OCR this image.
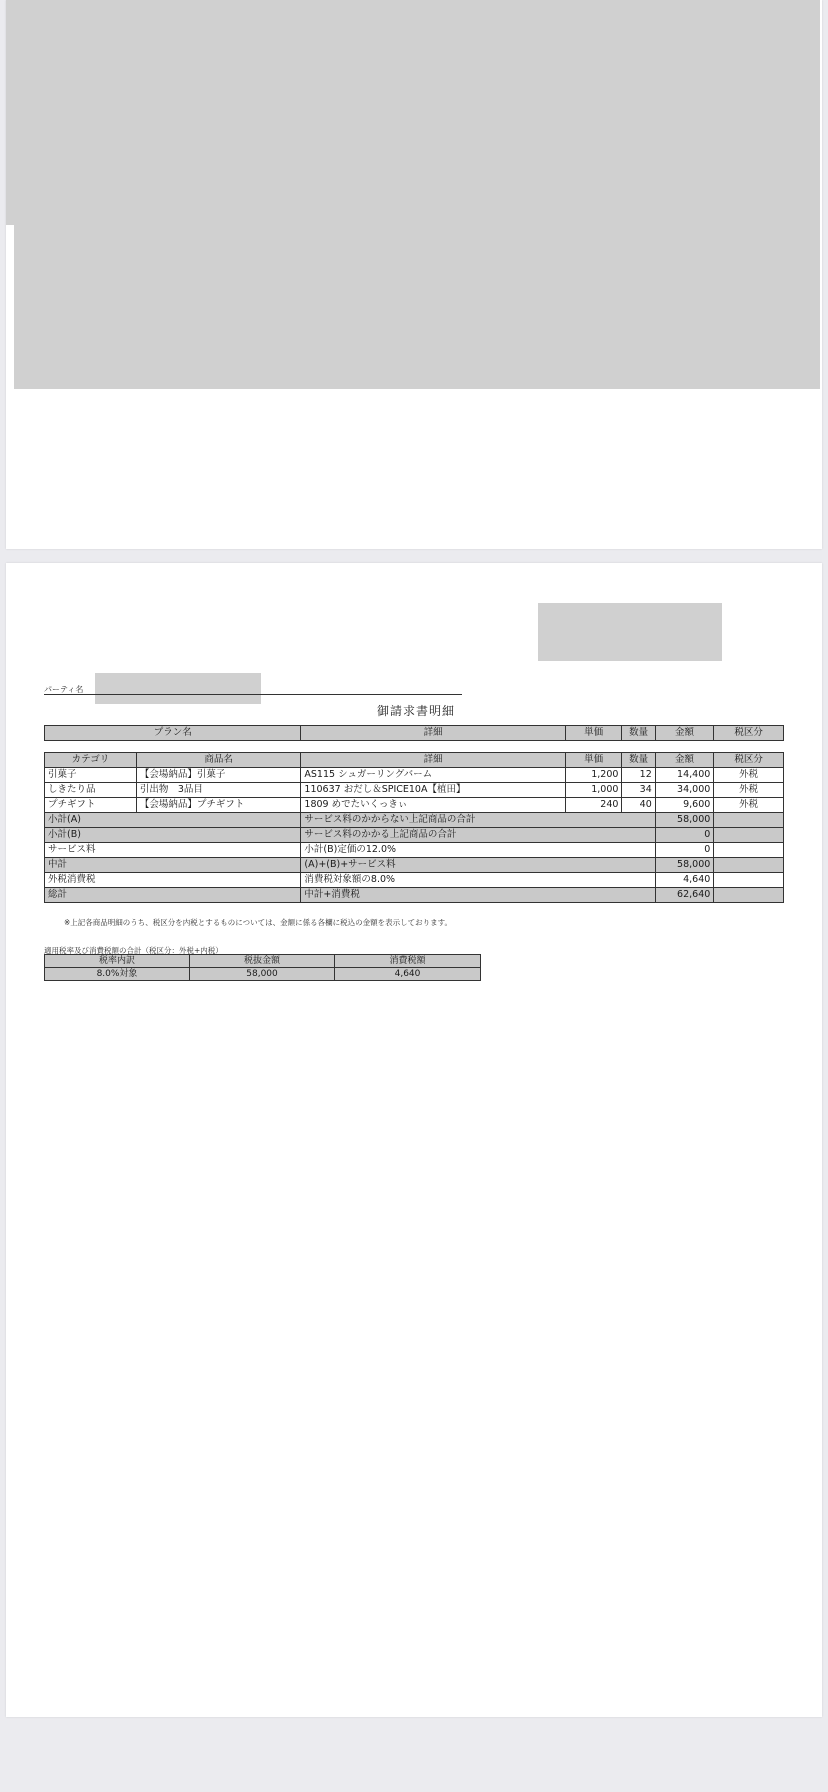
パーティ名
御請求書明細
プラン名	詳細	単価	数量	金額	税区分
カテゴリ	商品名	詳細	単価	数量	金額	税区分
引菓子	【会場納品】引菓子	AS115 シュガーリングバーム	1,200	12	14,400	外税
しきたり品	引出物　3品目	110637 おだし＆SPICE10A【植田】	1,000	34	34,000	外税
プチギフト	【会場納品】プチギフト	1809 めでたいくっきぃ	240	40	9,600	外税
小計(A)		サービス料のかからない上記商品の合計			58,000	
小計(B)		サービス料のかかる上記商品の合計			0	
サービス料		小計(B)定価の12.0%			0	
中計		(A)+(B)+サービス料			58,000	
外税消費税		消費税対象額の8.0%			4,640	
総計		中計+消費税			62,640	
※上記各商品明細のうち、税区分を内税とするものについては、金額に係る各欄に税込の金額を表示しております。
適用税率及び消費税額の合計（税区分：外税+内税）
税率内訳	税抜金額	消費税額
8.0%対象	58,000	4,640
